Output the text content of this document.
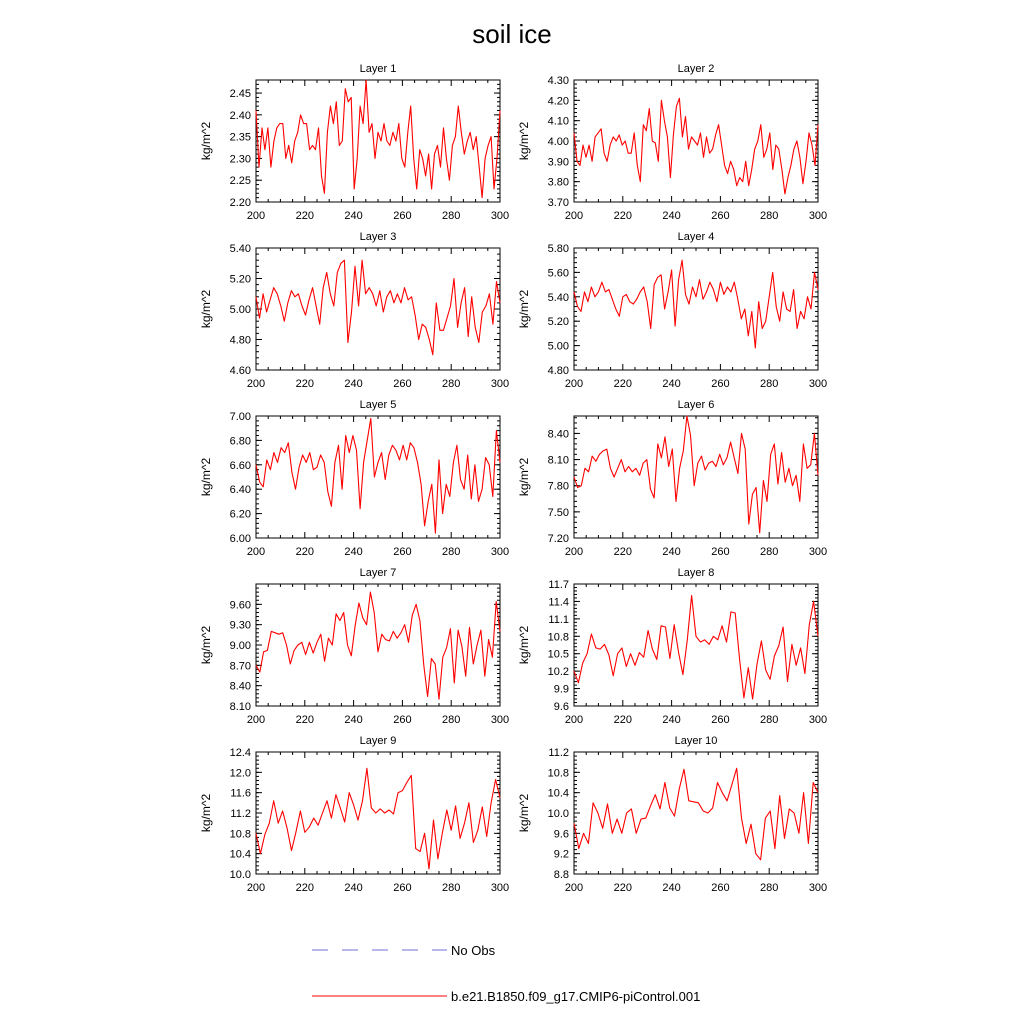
soil ice
Layer 1
200	220	240	260	280	300
2.20
2.25
2.30
2.35
2.40
2.45
kg/m^2
Layer 2
200	220	240	260	280	300
3.70
3.80
3.90
4.00
4.10
4.20
4.30
kg/m^2
Layer 3
200	220	240	260	280	300
4.60
4.80
5.00
5.20
5.40
kg/m^2
Layer 4
200	220	240	260	280	300
4.80
5.00
5.20
5.40
5.60
5.80
kg/m^2
Layer 5
200	220	240	260	280	300
6.00
6.20
6.40
6.60
6.80
7.00
kg/m^2
Layer 6
200	220	240	260	280	300
7.20
7.50
7.80
8.10
8.40
kg/m^2
Layer 7
200	220	240	260	280	300
8.10
8.40
8.70
9.00
9.30
9.60
kg/m^2
Layer 8
200	220	240	260	280	300
9.6
9.9
10.2
10.5
10.8
11.1
11.4
11.7
kg/m^2
Layer 9
200	220	240	260	280	300
10.0
10.4
10.8
11.2
11.6
12.0
12.4
kg/m^2
Layer 10
200	220	240	260	280	300
8.8
9.2
9.6
10.0
10.4
10.8
11.2
kg/m^2
No Obs
b.e21.B1850.f09_g17.CMIP6-piControl.001
